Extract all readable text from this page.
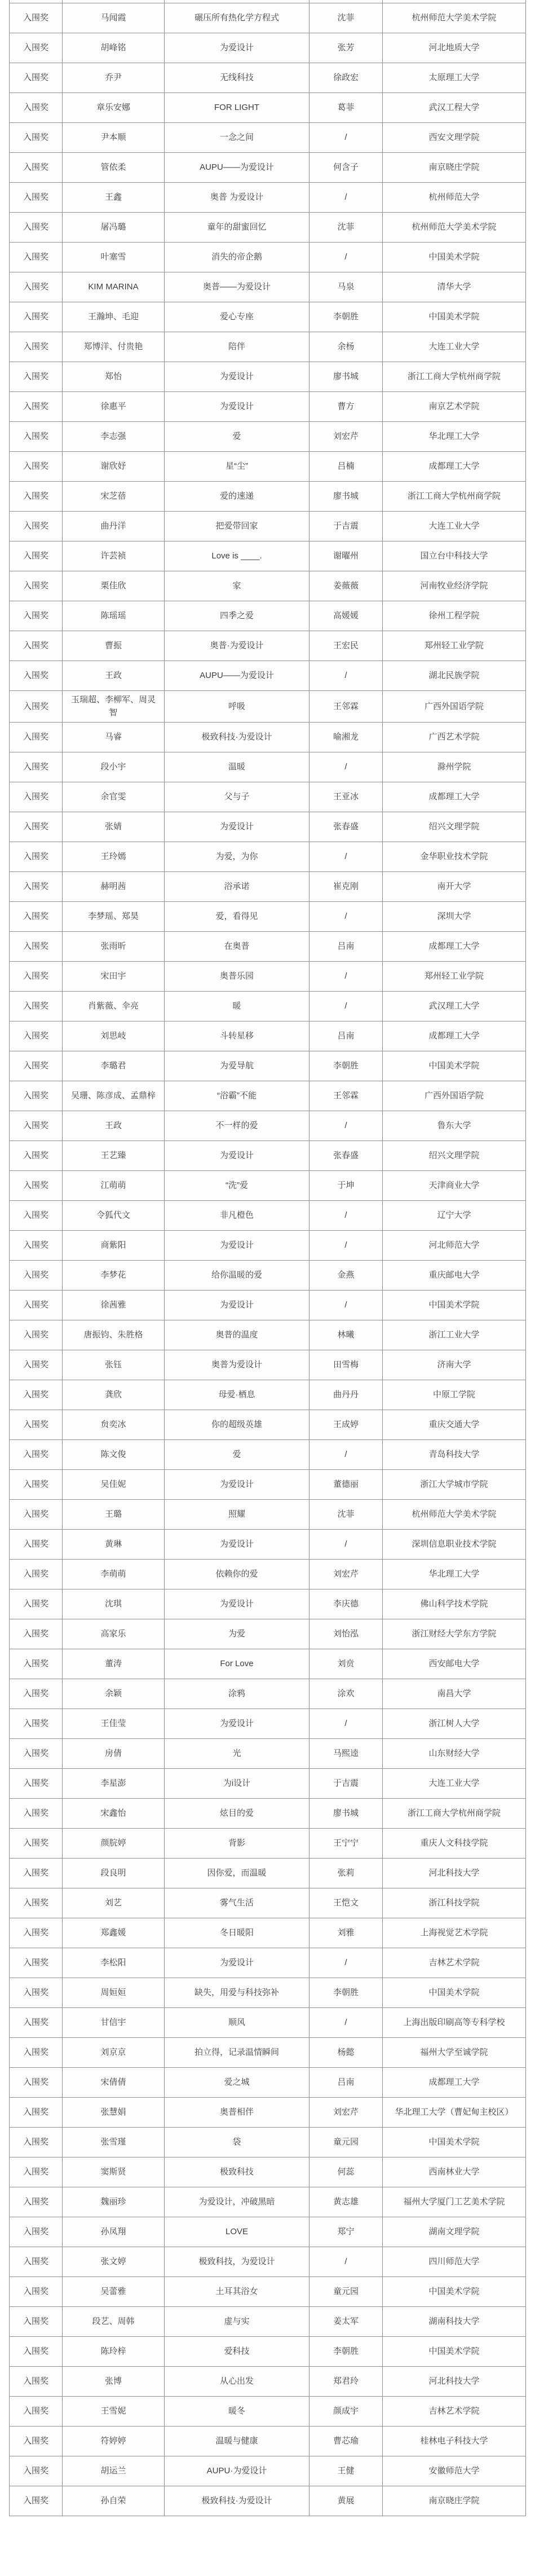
入围奖	马闻霞	碾压所有热化学方程式	沈菲	杭州师范大学美术学院
入围奖	胡峰铭	为爱设计	张芳	河北地质大学
入围奖	乔尹	无线科技	徐政宏	太原理工大学
入围奖	章乐安娜	FOR LIGHT	葛菲	武汉工程大学
入围奖	尹本顺	一念之间	/	西安文理学院
入围奖	管依柔	AUPU——为爱设计	何含子	南京晓庄学院
入围奖	王鑫	奥普 为爱设计	/	杭州师范大学
入围奖	屠冯璐	童年的甜蜜回忆	沈菲	杭州师范大学美术学院
入围奖	叶塞雪	消失的帝企鹅	/	中国美术学院
入围奖	KIM MARINA	奥普——为爱设计	马泉	清华大学
入围奖	王瀚坤、毛迎	爱心专座	李朝胜	中国美术学院
入围奖	郑博洋、付贵艳	陪伴	余杨	大连工业大学
入围奖	郑怡	为爱设计	廖书城	浙江工商大学杭州商学院
入围奖	徐惠平	为爱设计	曹方	南京艺术学院
入围奖	李志强	爱	刘宏芹	华北理工大学
入围奖	谢欣妤	星“尘”	吕楠	成都理工大学
入围奖	宋芝蓓	爱的速递	廖书城	浙江工商大学杭州商学院
入围奖	曲丹洋	把爱带回家	于吉震	大连工业大学
入围奖	许芸祯	Love is ____.	谢曜州	国立台中科技大学
入围奖	栗佳欣	家	姜薇薇	河南牧业经济学院
入围奖	陈瑶瑶	四季之爱	高媛媛	徐州工程学院
入围奖	曹振	奥普·为爱设计	王宏民	郑州轻工业学院
入围奖	王政	AUPU——为爱设计	/	湖北民族学院
入围奖	玉瑞超、李柳军、周灵智	呼吸	王邻霖	广西外国语学院
入围奖	马睿	极致科技·为爱设计	喻湘龙	广西艺术学院
入围奖	段小宇	温暖	/	滁州学院
入围奖	余官雯	父与子	王亚冰	成都理工大学
入围奖	张婧	为爱设计	张春盛	绍兴文理学院
入围奖	王玲嫣	为爱，为你	/	金华职业技术学院
入围奖	赫明茜	浴承诺	崔克刚	南开大学
入围奖	李梦瑶、郑昊	爱，看得见	/	深圳大学
入围奖	张雨昕	在奥普	吕南	成都理工大学
入围奖	宋田宇	奥普乐园	/	郑州轻工业学院
入围奖	肖紫薇、伞亮	暖	/	武汉理工大学
入围奖	刘思岐	斗转星移	吕南	成都理工大学
入围奖	李璐君	为爱导航	李朝胜	中国美术学院
入围奖	吴珊、陈彦成、孟鼎梓	“浴霸”不能	王邻霖	广西外国语学院
入围奖	王政	不一样的爱	/	鲁东大学
入围奖	王艺臻	为爱设计	张春盛	绍兴文理学院
入围奖	江萌萌	“洗”爱	于坤	天津商业大学
入围奖	令狐代文	非凡橙色	/	辽宁大学
入围奖	商紫阳	为爱设计	/	河北师范大学
入围奖	李梦花	给你温暖的爱	金燕	重庆邮电大学
入围奖	徐茜雅	为爱设计	/	中国美术学院
入围奖	唐振钧、朱胜格	奥普的温度	林曦	浙江工业大学
入围奖	张钰	奥普为爱设计	田雪梅	济南大学
入围奖	龚欣	母爱·栖息	曲丹丹	中原工学院
入围奖	贠奕冰	你的超级英雄	王成婷	重庆交通大学
入围奖	陈文俊	爱	/	青岛科技大学
入围奖	吴佳妮	为爱设计	董德丽	浙江大学城市学院
入围奖	王璐	照耀	沈菲	杭州师范大学美术学院
入围奖	黄琳	为爱设计	/	深圳信息职业技术学院
入围奖	李萌萌	依赖你的爱	刘宏芹	华北理工大学
入围奖	沈琪	为爱设计	李庆德	佛山科学技术学院
入围奖	高家乐	为爱	刘怡泓	浙江财经大学东方学院
入围奖	董涛	For Love	刘贲	西安邮电大学
入围奖	余颖	涂鸦	涂欢	南昌大学
入围奖	王佳莹	为爱设计	/	浙江树人大学
入围奖	房倩	光	马熙逵	山东财经大学
入围奖	李星澎	为i设计	于吉震	大连工业大学
入围奖	宋鑫怡	炫目的爱	廖书城	浙江工商大学杭州商学院
入围奖	颜脘婷	背影	王宁宁	重庆人文科技学院
入围奖	段良明	因你爱，而温暖	张莉	河北科技大学
入围奖	刘艺	雾气生活	王恺文	浙江科技学院
入围奖	郑鑫媛	冬日暖阳	刘雅	上海视觉艺术学院
入围奖	李松阳	为爱设计	/	吉林艺术学院
入围奖	周姮姮	缺失，用爱与科技弥补	李朝胜	中国美术学院
入围奖	甘信宇	顺风	/	上海出版印刷高等专科学校
入围奖	刘京京	拍立得，记录温情瞬间	杨懿	福州大学至诚学院
入围奖	宋倩倩	爱之城	吕南	成都理工大学
入围奖	张慧娟	奥普相伴	刘宏芹	华北理工大学（曹妃甸主校区）
入围奖	张雪瑾	袋	童元园	中国美术学院
入围奖	窦斯贤	极致科技	何蕊	西南林业大学
入围奖	魏丽珍	为爱设计，冲破黑暗	黄志雄	福州大学厦门工艺美术学院
入围奖	孙凤翔	LOVE	郑宁	湖南文理学院
入围奖	张文婷	极致科技，为爱设计	/	四川师范大学
入围奖	吴蕾雅	土耳其浴女	童元园	中国美术学院
入围奖	段艺、周韩	虚与实	姜太军	湖南科技大学
入围奖	陈玲梓	爱科技	李朝胜	中国美术学院
入围奖	张博	从心出发	郑君玲	河北科技大学
入围奖	王雪妮	暖冬	颜成宇	吉林艺术学院
入围奖	符婷婷	温暖与健康	曹芯瑜	桂林电子科技大学
入围奖	胡运兰	AUPU·为爱设计	王健	安徽师范大学
入围奖	孙自荣	极致科技·为爱设计	黄展	南京晓庄学院
